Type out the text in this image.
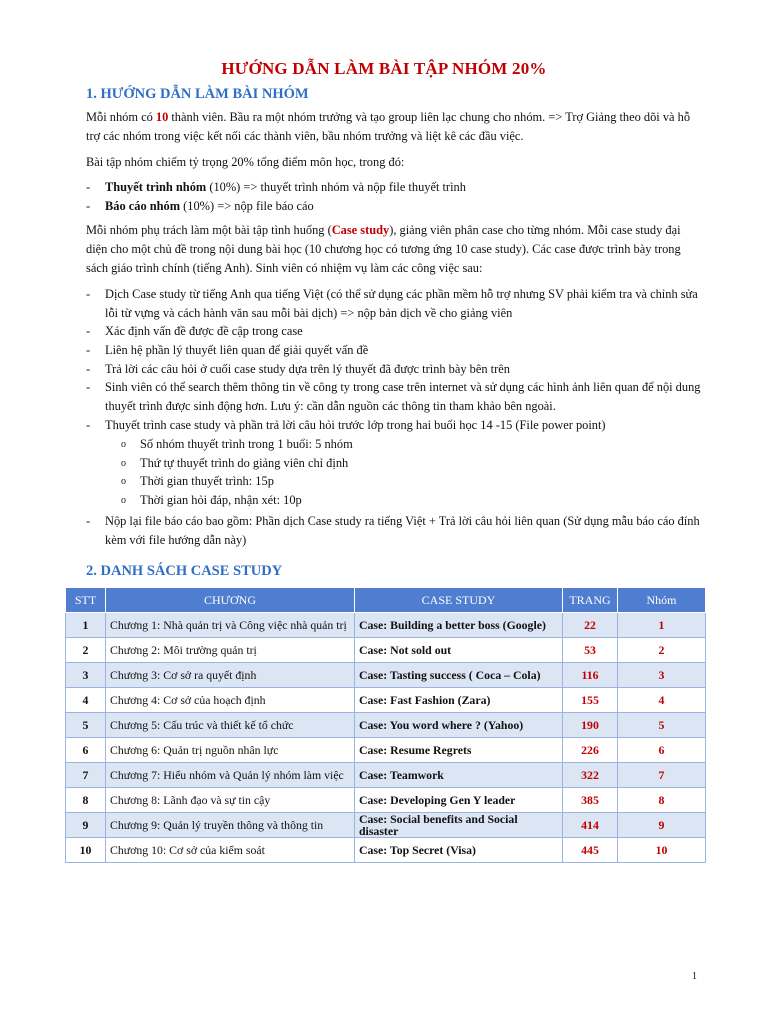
HƯỚNG DẪN LÀM BÀI TẬP NHÓM 20%
1. HƯỚNG DẪN LÀM BÀI NHÓM
Mỗi nhóm có 10 thành viên. Bầu ra một nhóm trưởng và tạo group liên lạc chung cho nhóm. => Trợ Giảng theo dõi và hỗ trợ các nhóm trong việc kết nối các thành viên, bầu nhóm trưởng và liệt kê các đầu việc.
Bài tập nhóm chiếm tỷ trọng 20% tổng điểm môn học, trong đó:
- Thuyết trình nhóm (10%) => thuyết trình nhóm và nộp file thuyết trình
- Báo cáo nhóm (10%) => nộp file báo cáo
Mỗi nhóm phụ trách làm một bài tập tình huống (Case study), giảng viên phân case cho từng nhóm. Mỗi case study đại diện cho một chủ đề trong nội dung bài học (10 chương học có tương ứng 10 case study). Các case được trình bày trong sách giáo trình chính (tiếng Anh). Sinh viên có nhiệm vụ làm các công việc sau:
- Dịch Case study từ tiếng Anh qua tiếng Việt (có thể sử dụng các phần mềm hỗ trợ nhưng SV phải kiểm tra và chỉnh sửa lỗi từ vựng và cách hành văn sau mỗi bài dịch) => nộp bản dịch về cho giảng viên
- Xác định vấn đề được đề cập trong case
- Liên hệ phần lý thuyết liên quan để giải quyết vấn đề
- Trả lời các câu hỏi ở cuối case study dựa trên lý thuyết đã được trình bày bên trên
- Sinh viên có thể search thêm thông tin về công ty trong case trên internet và sử dụng các hình ảnh liên quan để nội dung thuyết trình được sinh động hơn. Lưu ý: cần dẫn nguồn các thông tin tham khảo bên ngoài.
- Thuyết trình case study và phần trả lời câu hỏi trước lớp trong hai buổi học 14 -15 (File power point)
o Số nhóm thuyết trình trong 1 buổi: 5 nhóm
o Thứ tự thuyết trình do giảng viên chỉ định
o Thời gian thuyết trình: 15p
o Thời gian hỏi đáp, nhận xét: 10p
- Nộp lại file báo cáo bao gồm: Phần dịch Case study ra tiếng Việt + Trả lời câu hỏi liên quan (Sử dụng mẫu báo cáo đính kèm với file hướng dẫn này)
2. DANH SÁCH CASE STUDY
STT	CHƯƠNG	CASE STUDY	TRANG	Nhóm
1	Chương 1: Nhà quản trị và Công việc nhà quản trị	Case: Building a better boss (Google)	22	1
2	Chương 2: Môi trường quản trị	Case: Not sold out	53	2
3	Chương 3: Cơ sở ra quyết định	Case: Tasting success ( Coca – Cola)	116	3
4	Chương 4: Cơ sở của hoạch định	Case: Fast Fashion (Zara)	155	4
5	Chương 5: Cấu trúc và thiết kế tổ chức	Case: You word where ? (Yahoo)	190	5
6	Chương 6: Quản trị nguồn nhân lực	Case: Resume Regrets	226	6
7	Chương 7: Hiểu nhóm và Quản lý nhóm làm việc	Case: Teamwork	322	7
8	Chương 8: Lãnh đạo và sự tin cậy	Case: Developing Gen Y leader	385	8
9	Chương 9: Quản lý truyền thông và thông tin	Case: Social benefits and Social disaster	414	9
10	Chương 10: Cơ sở của kiểm soát	Case: Top Secret (Visa)	445	10
1
